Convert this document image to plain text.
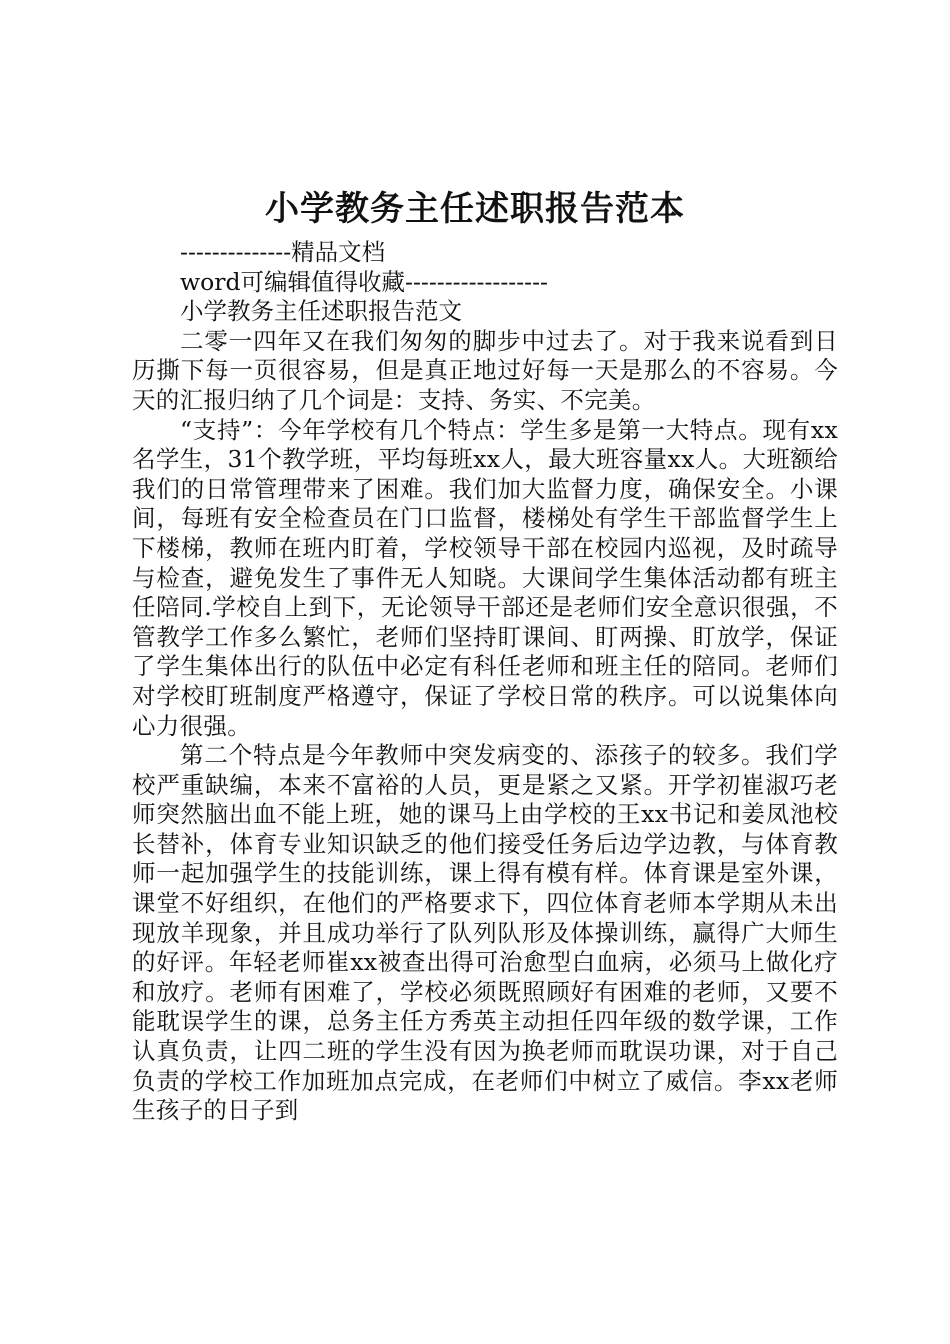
小学教务主任述职报告范本
--------------精品文档
word可编辑值得收藏------------------
小学教务主任述职报告范文

二零一四年又在我们匆匆的脚步中过去了。对于我来说看到日历撕下每一页很容易，但是真正地过好每一天是那么的不容易。今天的汇报归纳了几个词是：支持、务实、不完美。

“支持”：今年学校有几个特点：学生多是第一大特点。现有xx名学生，31个教学班，平均每班xx人，最大班容量xx人。大班额给我们的日常管理带来了困难。我们加大监督力度，确保安全。小课间，每班有安全检查员在门口监督，楼梯处有学生干部监督学生上下楼梯，教师在班内盯着，学校领导干部在校园内巡视，及时疏导与检查，避免发生了事件无人知晓。大课间学生集体活动都有班主任陪同.学校自上到下，无论领导干部还是老师们安全意识很强，不管教学工作多么繁忙，老师们坚持盯课间、盯两操、盯放学，保证了学生集体出行的队伍中必定有科任老师和班主任的陪同。老师们对学校盯班制度严格遵守，保证了学校日常的秩序。可以说集体向心力很强。

第二个特点是今年教师中突发病变的、添孩子的较多。我们学校严重缺编，本来不富裕的人员，更是紧之又紧。开学初崔淑巧老师突然脑出血不能上班，她的课马上由学校的王xx书记和姜凤池校长替补，体育专业知识缺乏的他们接受任务后边学边教，与体育教师一起加强学生的技能训练，课上得有模有样。体育课是室外课，课堂不好组织，在他们的严格要求下，四位体育老师本学期从未出现放羊现象，并且成功举行了队列队形及体操训练，赢得广大师生的好评。年轻老师崔xx被查出得可治愈型白血病，必须马上做化疗和放疗。老师有困难了，学校必须既照顾好有困难的老师，又要不能耽误学生的课，总务主任方秀英主动担任四年级的数学课，工作认真负责，让四二班的学生没有因为换老师而耽误功课，对于自己负责的学校工作加班加点完成，在老师们中树立了威信。李xx老师生孩子的日子到
